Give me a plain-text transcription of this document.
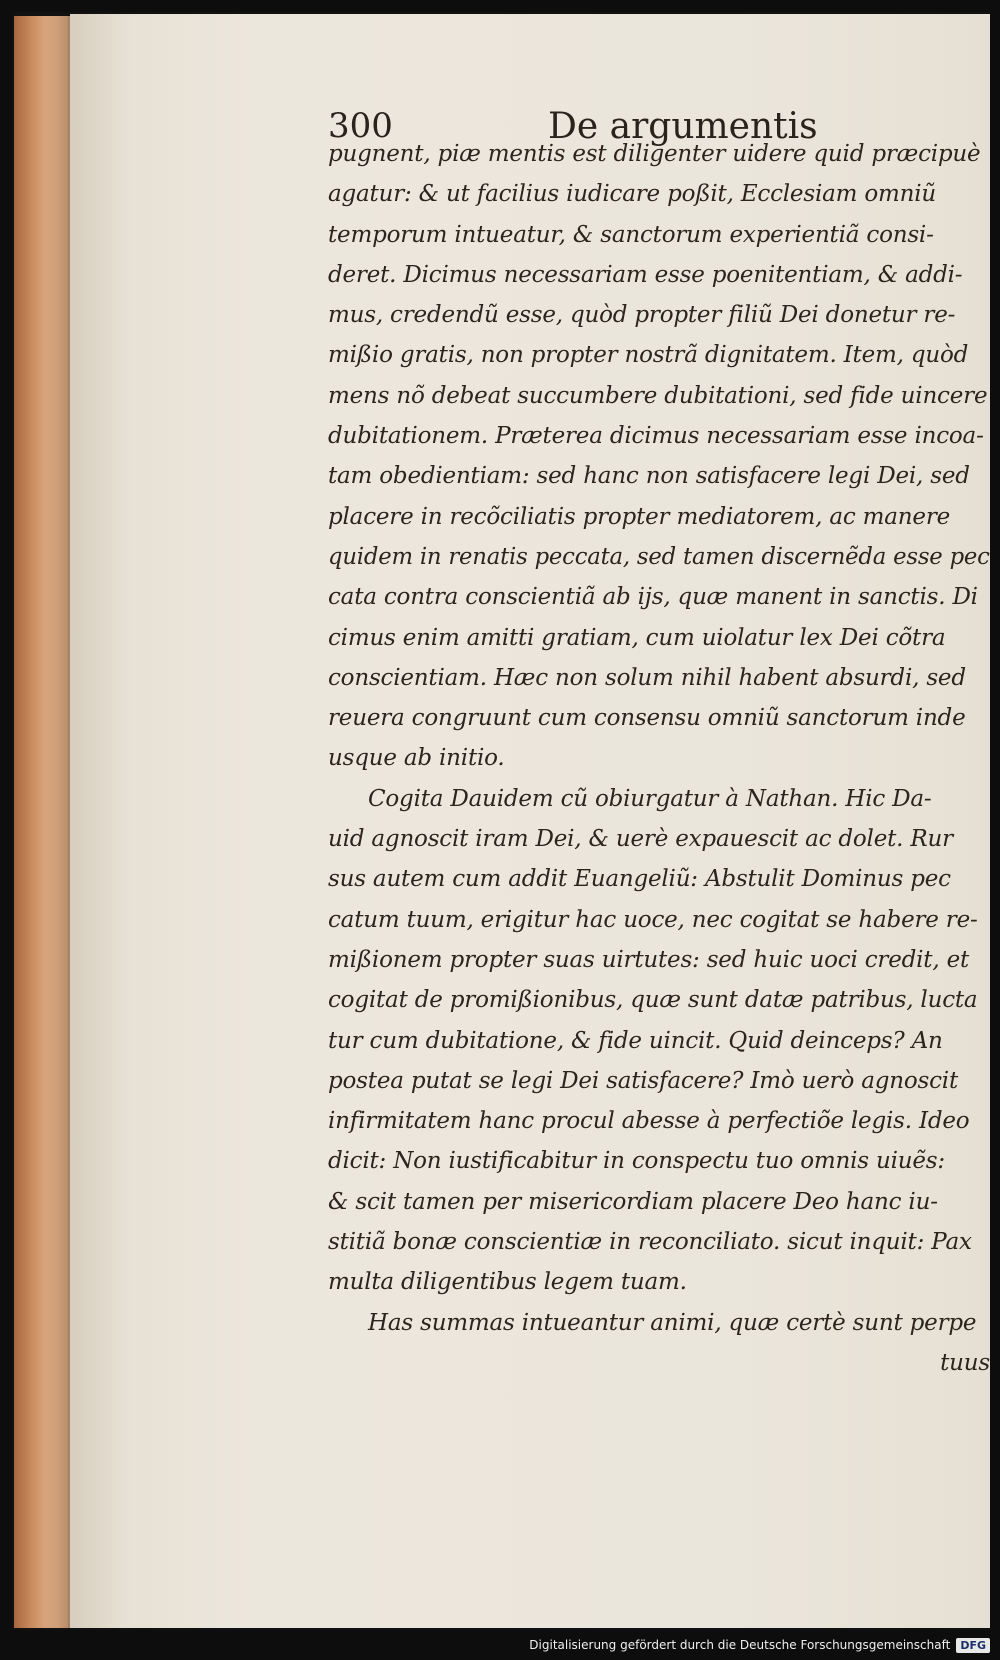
300	De argumentis
pugnent, piæ mentis est diligenter uidere quid præcipuè
agatur: & ut facilius iudicare poßit, Ecclesiam omniũ
temporum intueatur, & sanctorum experientiã consi-
deret. Dicimus necessariam esse poenitentiam, & addi-
mus, credendũ esse, quòd propter filiũ Dei donetur re-
mißio gratis, non propter nostrã dignitatem. Item, quòd
mens nõ debeat succumbere dubitationi, sed fide uincere
dubitationem. Præterea dicimus necessariam esse incoa-
tam obedientiam: sed hanc non satisfacere legi Dei, sed
placere in recõciliatis propter mediatorem, ac manere
quidem in renatis peccata, sed tamen discernẽda esse pec
cata contra conscientiã ab ijs, quæ manent in sanctis. Di
cimus enim amitti gratiam, cum uiolatur lex Dei cõtra
conscientiam. Hæc non solum nihil habent absurdi, sed
reuera congruunt cum consensu omniũ sanctorum inde
usque ab initio.
Cogita Dauidem cũ obiurgatur à Nathan. Hic Da-
uid agnoscit iram Dei, & uerè expauescit ac dolet. Rur
sus autem cum addit Euangeliũ: Abstulit Dominus pec
catum tuum, erigitur hac uoce, nec cogitat se habere re-
mißionem propter suas uirtutes: sed huic uoci credit, et
cogitat de promißionibus, quæ sunt datæ patribus, lucta
tur cum dubitatione, & fide uincit. Quid deinceps? An
postea putat se legi Dei satisfacere? Imò uerò agnoscit
infirmitatem hanc procul abesse à perfectiõe legis. Ideo
dicit: Non iustificabitur in conspectu tuo omnis uiuẽs:
& scit tamen per misericordiam placere Deo hanc iu-
stitiã bonæ conscientiæ in reconciliato. sicut inquit: Pax
multa diligentibus legem tuam.
Has summas intueantur animi, quæ certè sunt perpe
tuus
Digitalisierung gefördert durch die Deutsche Forschungsgemeinschaft DFG
